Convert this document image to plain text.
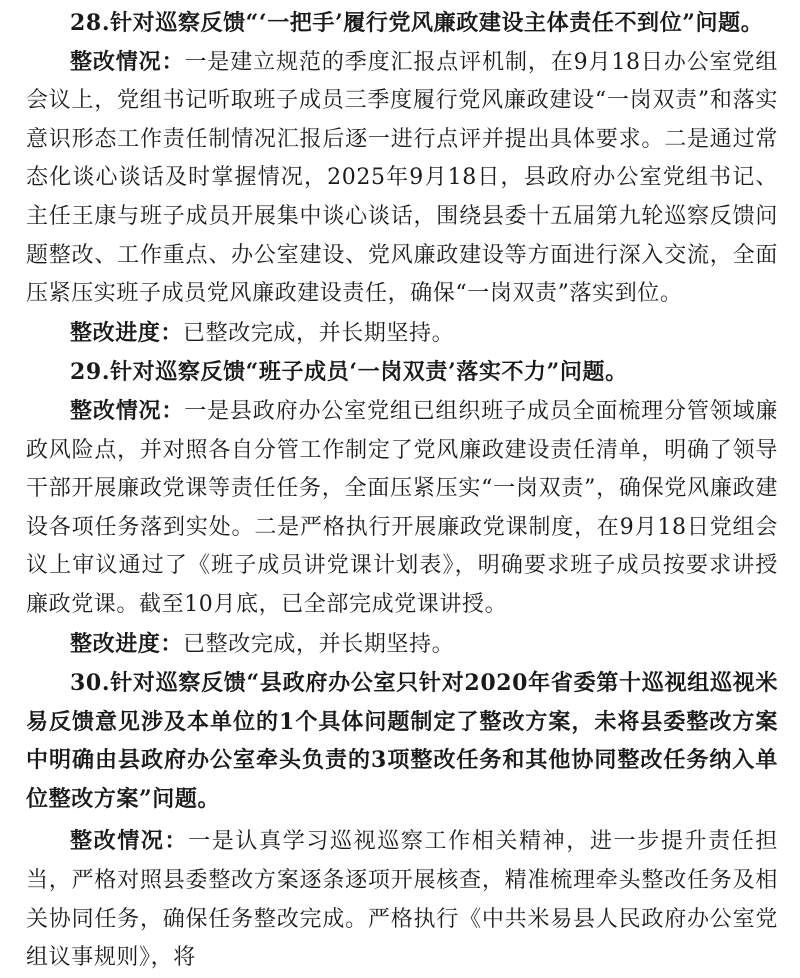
28.针对巡察反馈“‘一把手’履行党风廉政建设主体责任不到位”问题。

整改情况：一是建立规范的季度汇报点评机制，在9月18日办公室党组会议上，党组书记听取班子成员三季度履行党风廉政建设“一岗双责”和落实意识形态工作责任制情况汇报后逐一进行点评并提出具体要求。二是通过常态化谈心谈话及时掌握情况，2025年9月18日，县政府办公室党组书记、主任王康与班子成员开展集中谈心谈话，围绕县委十五届第九轮巡察反馈问题整改、工作重点、办公室建设、党风廉政建设等方面进行深入交流，全面压紧压实班子成员党风廉政建设责任，确保“一岗双责”落实到位。

整改进度：已整改完成，并长期坚持。

29.针对巡察反馈“班子成员‘一岗双责’落实不力”问题。

整改情况：一是县政府办公室党组已组织班子成员全面梳理分管领域廉政风险点，并对照各自分管工作制定了党风廉政建设责任清单，明确了领导干部开展廉政党课等责任任务，全面压紧压实“一岗双责”，确保党风廉政建设各项任务落到实处。二是严格执行开展廉政党课制度，在9月18日党组会议上审议通过了《班子成员讲党课计划表》，明确要求班子成员按要求讲授廉政党课。截至10月底，已全部完成党课讲授。

整改进度：已整改完成，并长期坚持。

30.针对巡察反馈“县政府办公室只针对2020年省委第十巡视组巡视米易反馈意见涉及本单位的1个具体问题制定了整改方案，未将县委整改方案中明确由县政府办公室牵头负责的3项整改任务和其他协同整改任务纳入单位整改方案”问题。

整改情况：一是认真学习巡视巡察工作相关精神，进一步提升责任担当，严格对照县委整改方案逐条逐项开展核查，精准梳理牵头整改任务及相关协同任务，确保任务整改完成。严格执行《中共米易县人民政府办公室党组议事规则》，将
